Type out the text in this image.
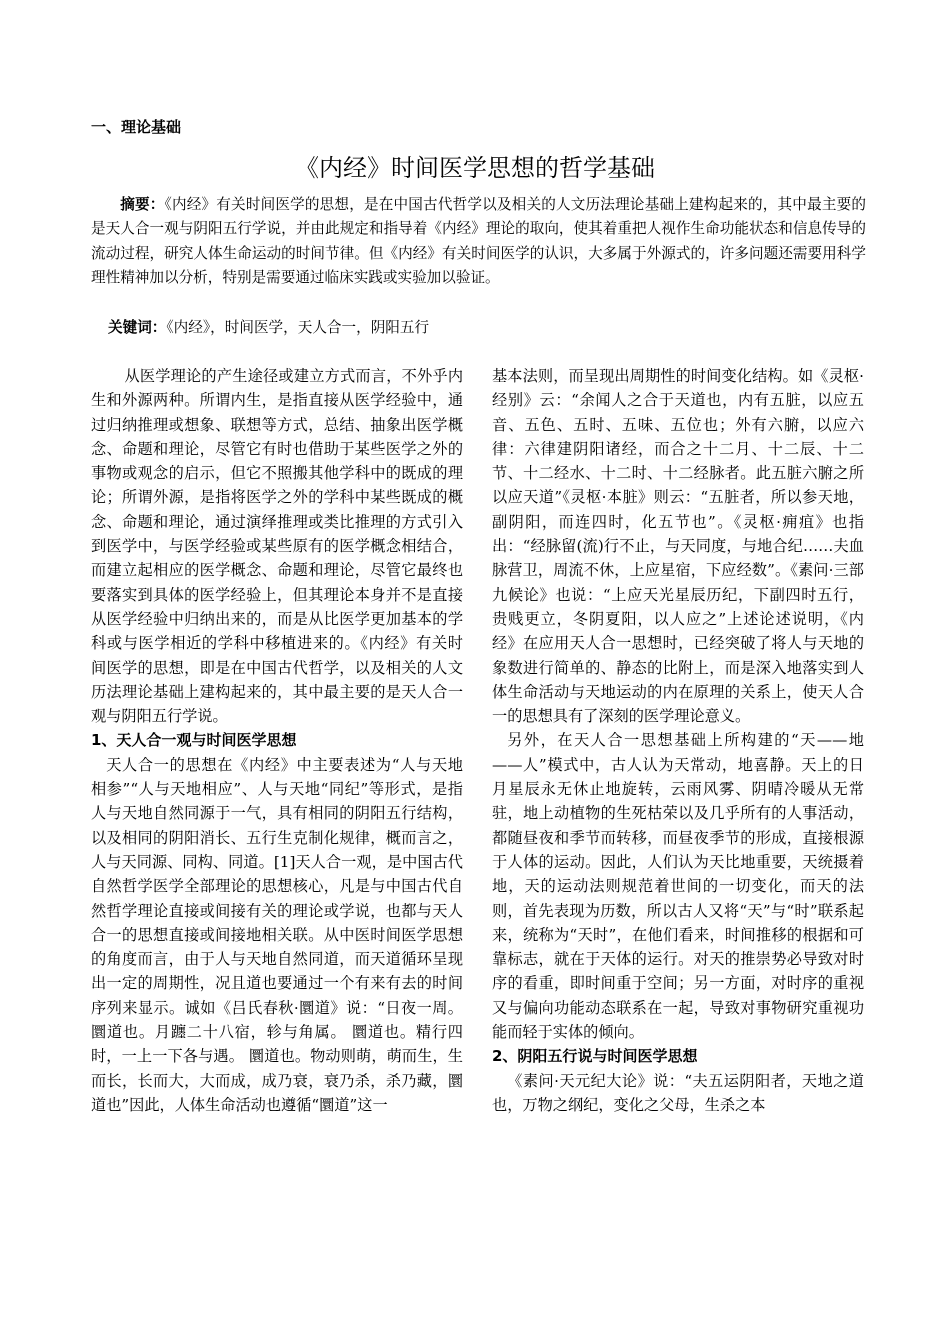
一、理论基础
《内经》时间医学思想的哲学基础

摘要：《内经》有关时间医学的思想，是在中国古代哲学以及相关的人文历法理论基础上建构起来的，其中最主要的是天人合一观与阴阳五行学说，并由此规定和指导着《内经》理论的取向，使其着重把人视作生命功能状态和信息传导的流动过程，研究人体生命运动的时间节律。但《内经》有关时间医学的认识，大多属于外源式的，许多问题还需要用科学理性精神加以分析，特别是需要通过临床实践或实验加以验证。

关键词：《内经》，时间医学，天人合一，阴阳五行

从医学理论的产生途径或建立方式而言，不外乎内生和外源两种。所谓内生，是指直接从医学经验中，通过归纳推理或想象、联想等方式，总结、抽象出医学概念、命题和理论，尽管它有时也借助于某些医学之外的事物或观念的启示，但它不照搬其他学科中的既成的理论；所谓外源，是指将医学之外的学科中某些既成的概念、命题和理论，通过演绎推理或类比推理的方式引入到医学中，与医学经验或某些原有的医学概念相结合，而建立起相应的医学概念、命题和理论，尽管它最终也要落实到具体的医学经验上，但其理论本身并不是直接从医学经验中归纳出来的，而是从比医学更加基本的学科或与医学相近的学科中移植进来的。《内经》有关时间医学的思想，即是在中国古代哲学，以及相关的人文历法理论基础上建构起来的，其中最主要的是天人合一观与阴阳五行学说。

1、天人合一观与时间医学思想

天人合一的思想在《内经》中主要表述为“人与天地相参”“人与天地相应”、人与天地“同纪”等形式，是指人与天地自然同源于一气，具有相同的阴阳五行结构，以及相同的阴阳消长、五行生克制化规律，概而言之，人与天同源、同构、同道。[1]天人合一观，是中国古代自然哲学医学全部理论的思想核心，凡是与中国古代自然哲学理论直接或间接有关的理论或学说，也都与天人合一的思想直接或间接地相关联。从中医时间医学思想的角度而言，由于人与天地自然同道，而天道循环呈现出一定的周期性，况且道也要通过一个有来有去的时间序列来显示。诚如《吕氏春秋·圜道》说：“日夜一周。 圜道也。月躔二十八宿，轸与角属。 圜道也。精行四时，一上一下各与遇。 圜道也。物动则萌，萌而生，生而长，长而大，大而成，成乃衰，衰乃杀，杀乃藏，圜道也”因此，人体生命活动也遵循“圜道”这一

基本法则，而呈现出周期性的时间变化结构。如《灵枢·经别》云：“余闻人之合于天道也，内有五脏，以应五音、五色、五时、五味、五位也；外有六腑，以应六律：六律建阴阳诸经，而合之十二月、十二辰、十二节、十二经水、十二时、十二经脉者。此五脏六腑之所以应天道”《灵枢·本脏》则云：“五脏者，所以参天地，副阴阳，而连四时，化五节也”。《灵枢·痈疽》也指出：“经脉留(流)行不止，与天同度，与地合纪……夫血脉营卫，周流不休，上应星宿，下应经数”。《素问·三部九候论》也说：“上应天光星辰历纪，下副四时五行，贵贱更立，冬阴夏阳，以人应之”上述论述说明，《内经》在应用天人合一思想时，已经突破了将人与天地的象数进行简单的、静态的比附上，而是深入地落实到人体生命活动与天地运动的内在原理的关系上，使天人合一的思想具有了深刻的医学理论意义。

另外，在天人合一思想基础上所构建的“天——地——人”模式中，古人认为天常动，地喜静。天上的日月星辰永无休止地旋转，云雨风雾、阴晴冷暖从无常驻，地上动植物的生死枯荣以及几乎所有的人事活动，都随昼夜和季节而转移，而昼夜季节的形成，直接根源于人体的运动。因此，人们认为天比地重要，天统摄着地，天的运动法则规范着世间的一切变化，而天的法则，首先表现为历数，所以古人又将“天”与“时”联系起来，统称为“天时”，在他们看来，时间推移的根据和可靠标志，就在于天体的运行。对天的推崇势必导致对时序的看重，即时间重于空间；另一方面，对时序的重视又与偏向功能动态联系在一起，导致对事物研究重视功能而轻于实体的倾向。

2、阴阳五行说与时间医学思想

《素问·天元纪大论》说：“夫五运阴阳者，天地之道也，万物之纲纪，变化之父母，生杀之本
